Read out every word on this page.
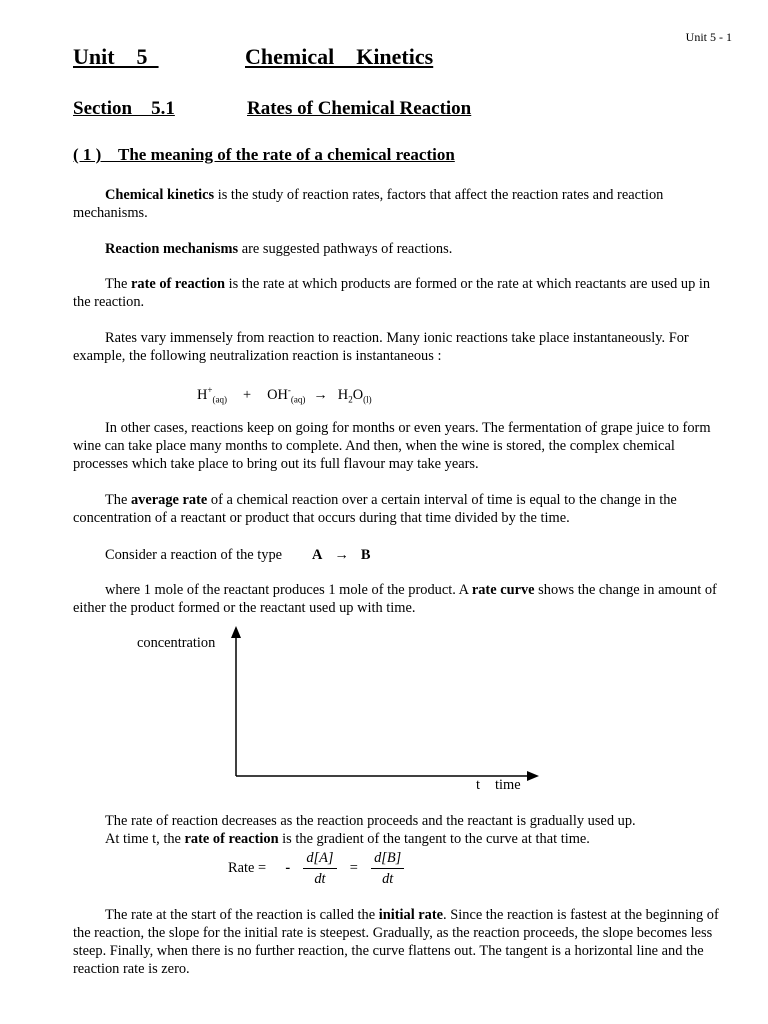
Unit 5 - 1
Unit    5	Chemical    Kinetics
Section    5.1	Rates of Chemical Reaction
( 1 )    The meaning of the rate of a chemical reaction
Chemical kinetics is the study of reaction rates, factors that affect the reaction rates and reaction mechanisms.
Reaction mechanisms are suggested pathways of reactions.
The rate of reaction is the rate at which products are formed or the rate at which reactants are used up in the reaction.
Rates vary immensely from reaction to reaction. Many ionic reactions take place instantaneously. For example, the following neutralization reaction is instantaneous :
$H^+_{(aq)} + OH^-_{(aq)} \to H_2O_{(l)}$
In other cases, reactions keep on going for months or even years. The fermentation of grape juice to form wine can take place many months to complete. And then, when the wine is stored, the complex chemical processes which take place to bring out its full flavour may take years.
The average rate of a chemical reaction over a certain interval of time is equal to the change in the concentration of a reactant or product that occurs during that time divided by the time.
Consider a reaction of the type A → B
where 1 mole of the reactant produces 1 mole of the product. A rate curve shows the change in amount of either the product formed or the reactant used up with time.
concentration
t time
The rate of reaction decreases as the reaction proceeds and the reactant is gradually used up.
At time t, the rate of reaction is the gradient of the tangent to the curve at that time.
Rate = - $\frac{d[A]}{dt} = \frac{d[B]}{dt}$
The rate at the start of the reaction is called the initial rate. Since the reaction is fastest at the beginning of the reaction, the slope for the initial rate is steepest. Gradually, as the reaction proceeds, the slope becomes less steep. Finally, when there is no further reaction, the curve flattens out. The tangent is a horizontal line and the reaction rate is zero.
